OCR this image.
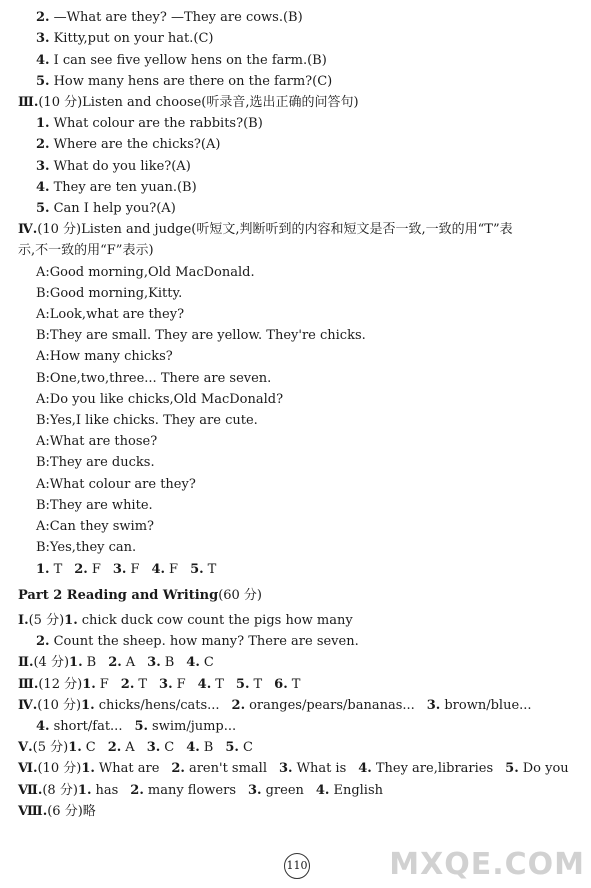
110	MXQE.COM
2. —What are they? —They are cows.(B)
3. Kitty,put on your hat.(C)
4. I can see five yellow hens on the farm.(B)
5. How many hens are there on the farm?(C)
Ⅲ.(10 分)Listen and choose(听录音,选出正确的问答句)
1. What colour are the rabbits?(B)
2. Where are the chicks?(A)
3. What do you like?(A)
4. They are ten yuan.(B)
5. Can I help you?(A)
Ⅳ.(10 分)Listen and judge(听短文,判断听到的内容和短文是否一致,一致的用“T”表
示,不一致的用“F”表示)
A:Good morning,Old MacDonald.
B:Good morning,Kitty.
A:Look,what are they?
B:They are small. They are yellow. They're chicks.
A:How many chicks?
B:One,two,three... There are seven.
A:Do you like chicks,Old MacDonald?
B:Yes,I like chicks. They are cute.
A:What are those?
B:They are ducks.
A:What colour are they?
B:They are white.
A:Can they swim?
B:Yes,they can.
1. T 2. F 3. F 4. F 5. T
Part 2 Reading and Writing(60 分)
Ⅰ.(5 分)1. chick duck cow count the pigs how many
2. Count the sheep. how many? There are seven.
Ⅱ.(4 分)1. B 2. A 3. B 4. C
Ⅲ.(12 分)1. F 2. T 3. F 4. T 5. T 6. T
Ⅳ.(10 分)1. chicks/hens/cats... 2. oranges/pears/bananas... 3. brown/blue...
4. short/fat... 5. swim/jump...
Ⅴ.(5 分)1. C 2. A 3. C 4. B 5. C
Ⅵ.(10 分)1. What are 2. aren't small 3. What is 4. They are,libraries 5. Do you
Ⅶ.(8 分)1. has 2. many flowers 3. green 4. English
Ⅷ.(6 分)略
